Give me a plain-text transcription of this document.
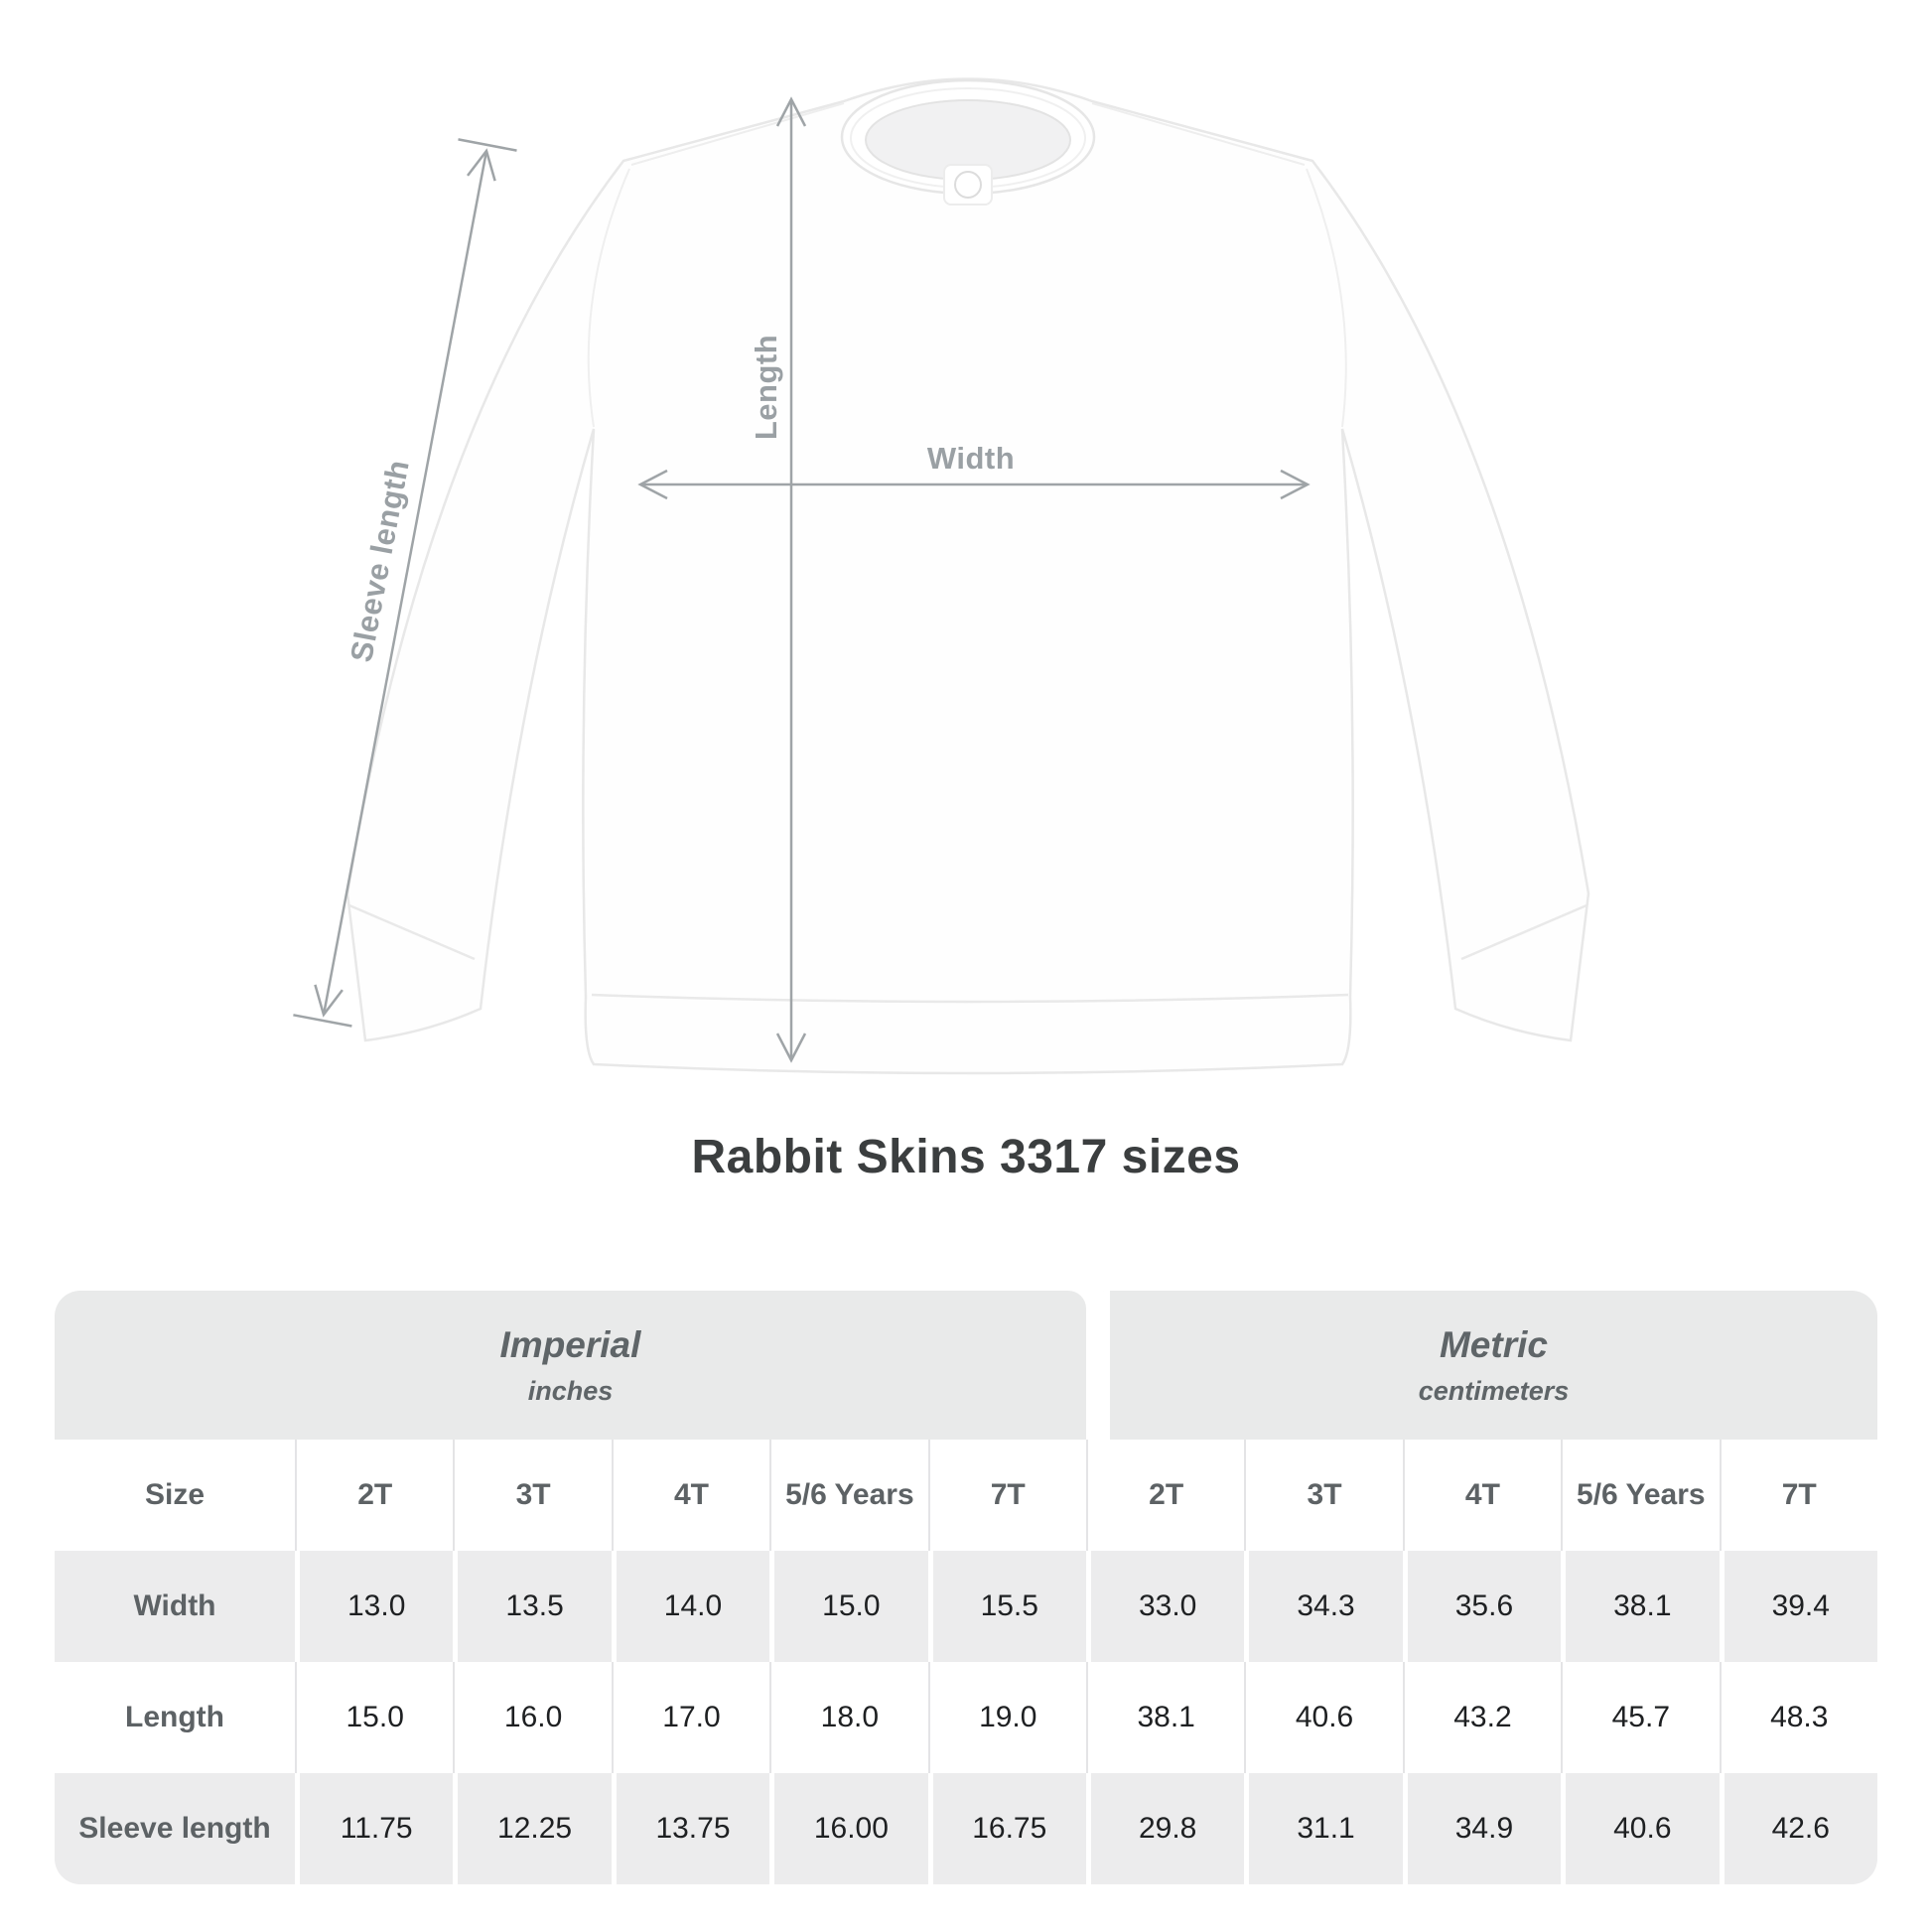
Length
Width
Sleeve length
Rabbit Skins 3317 sizes
Imperial
inches

Metric
centimeters

Size	2T	3T	4T	5/6 Years	7T	2T	3T	4T	5/6 Years	7T
Width	13.0	13.5	14.0	15.0	15.5	33.0	34.3	35.6	38.1	39.4
Length	15.0	16.0	17.0	18.0	19.0	38.1	40.6	43.2	45.7	48.3
Sleeve length	11.75	12.25	13.75	16.00	16.75	29.8	31.1	34.9	40.6	42.6
